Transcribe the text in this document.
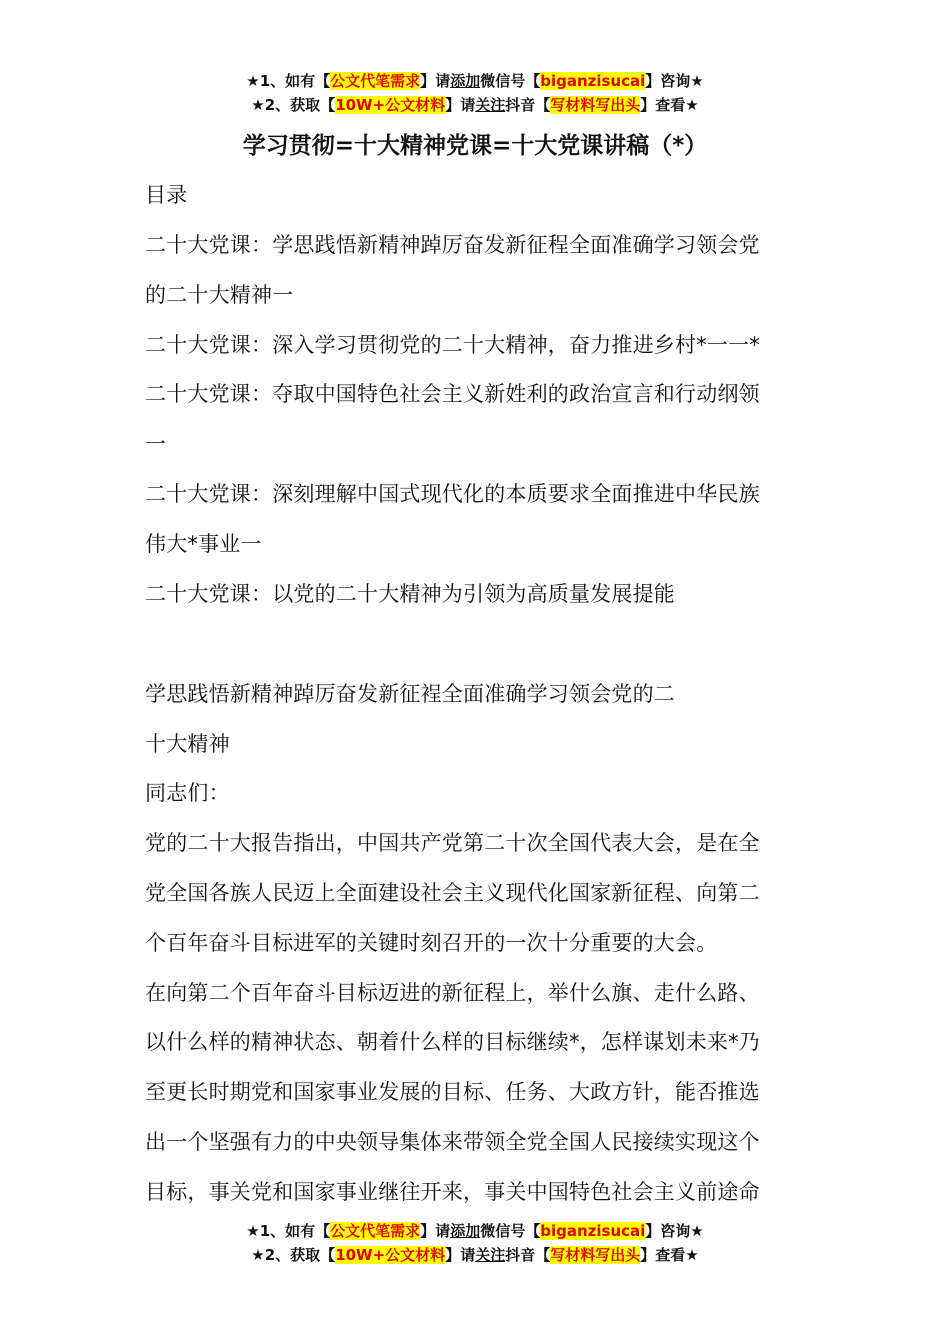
★1、如有【公文代笔需求】请添加微信号【biganzisucai】咨询★
★2、获取【10W+公文材料】请关注抖音【写材料写出头】查看★
学习贯彻=十大精神党课=十大党课讲稿（*）
目录
二十大党课：学思践悟新精神踔厉奋发新征程全面准确学习领会党
的二十大精神一
二十大党课：深入学习贯彻党的二十大精神，奋力推进乡村*一一*
二十大党课：夺取中国特色社会主义新姓利的政治宣言和行动纲领
一
二十大党课：深刻理解中国式现代化的本质要求全面推进中华民族
伟大*事业一
二十大党课：以党的二十大精神为引领为高质量发展提能
学思践悟新精神踔厉奋发新征裎全面准确学习领会党的二
十大精神
同志们：
党的二十大报告指出，中国共产党第二十次全国代表大会，是在全
党全国各族人民迈上全面建设社会主义现代化国家新征程、向第二
个百年奋斗目标进军的关键时刻召开的一次十分重要的大会。
在向第二个百年奋斗目标迈进的新征程上，举什么旗、走什么路、
以什么样的精神状态、朝着什么样的目标继续*，怎样谋划未来*乃
至更长时期党和国家事业发展的目标、任务、大政方针，能否推选
出一个坚强有力的中央领导集体来带领全党全国人民接续实现这个
目标，事关党和国家事业继往开来，事关中国特色社会主义前途命
★1、如有【公文代笔需求】请添加微信号【biganzisucai】咨询★
★2、获取【10W+公文材料】请关注抖音【写材料写出头】查看★
